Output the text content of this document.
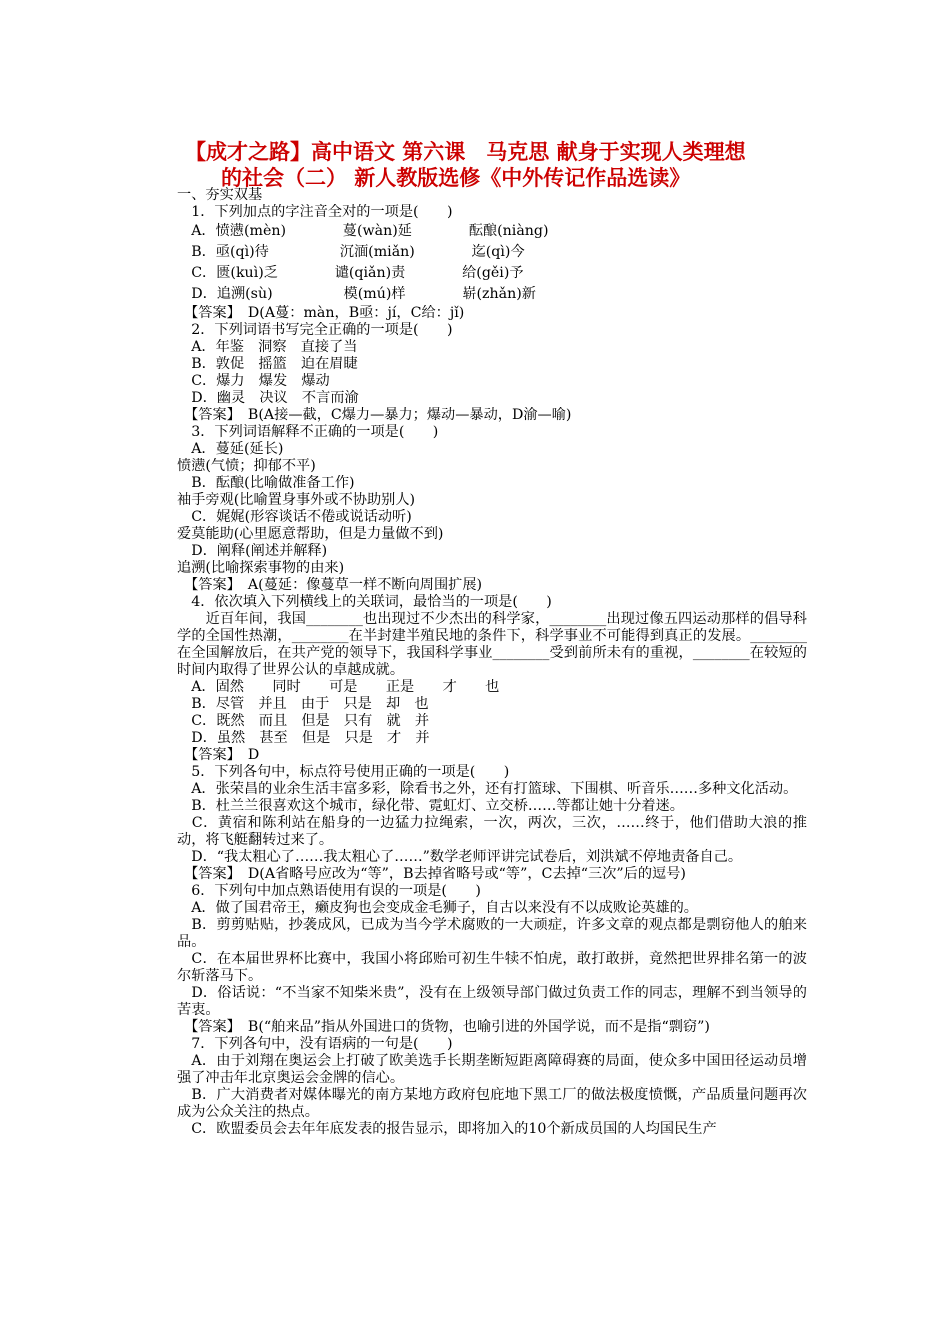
【成才之路】高中语文 第六课　马克思 献身于实现人类理想
的社会（二） 新人教版选修《中外传记作品选读》
一、夯实双基
　1．下列加点的字注音全对的一项是(　　)
　A．愤懑(mèn)　　　　蔓(wàn)延　　　　酝酿(niàng)
　B．亟(qì)待　　　　　沉湎(miǎn)　　　　迄(qì)今
　C．匮(kuì)乏　　　　谴(qiǎn)责　　　　给(gěi)予
　D．追溯(sù)　　　　　模(mú)样　　　　崭(zhǎn)新
　【答案】　D(A蔓：màn，B亟：jí，C给：jǐ)
　2．下列词语书写完全正确的一项是(　　)
　A．年鉴　洞察　直接了当
　B．敦促　摇篮　迫在眉睫
　C．爆力　爆发　爆动
　D．幽灵　决议　不言而渝
　【答案】　B(A接—截，C爆力—暴力；爆动—暴动，D渝—喻)
　3．下列词语解释不正确的一项是(　　)
　A．蔓延(延长)
愤懑(气愤；抑郁不平)
　B．酝酿(比喻做准备工作)
袖手旁观(比喻置身事外或不协助别人)
　C．娓娓(形容谈话不倦或说话动听)
爱莫能助(心里愿意帮助，但是力量做不到)
　D．阐释(阐述并解释)
追溯(比喻探索事物的由来)
　【答案】　A(蔓延：像蔓草一样不断向周围扩展)
　4．依次填入下列横线上的关联词，最恰当的一项是(　　)
　　近百年间，我国________也出现过不少杰出的科学家，________出现过像五四运动那样的倡导科学的全国性热潮，________在半封建半殖民地的条件下，科学事业不可能得到真正的发展。________在全国解放后，在共产党的领导下，我国科学事业________受到前所未有的重视，________在较短的时间内取得了世界公认的卓越成就。
　A．固然　　同时　　可是　　正是　　才　　也
　B．尽管　并且　由于　只是　却　也
　C．既然　而且　但是　只有　就　并
　D．虽然　甚至　但是　只是　才　并
　【答案】　D
　5．下列各句中，标点符号使用正确的一项是(　　)
　A．张荣昌的业余生活丰富多彩，除看书之外，还有打篮球、下围棋、听音乐……多种文化活动。
　B．杜兰兰很喜欢这个城市，绿化带、霓虹灯、立交桥……等都让她十分着迷。
　C．黄宿和陈利站在船身的一边猛力拉绳索，一次，两次，三次，……终于，他们借助大浪的推动，将飞艇翻转过来了。
　D．“我太粗心了……我太粗心了……”数学老师评讲完试卷后，刘洪斌不停地责备自己。
　【答案】　D(A省略号应改为“等”，B去掉省略号或“等”，C去掉“三次”后的逗号)
　6．下列句中加点熟语使用有误的一项是(　　)
　A．做了国君帝王，癞皮狗也会变成金毛狮子，自古以来没有不以成败论英雄的。
　B．剪剪贴贴，抄袭成风，已成为当今学术腐败的一大顽症，许多文章的观点都是剽窃他人的舶来品。
　C．在本届世界杯比赛中，我国小将邱贻可初生牛犊不怕虎，敢打敢拼，竟然把世界排名第一的波尔斩落马下。
　D．俗话说：“不当家不知柴米贵”，没有在上级领导部门做过负责工作的同志，理解不到当领导的苦衷。
　【答案】　B(“舶来品”指从外国进口的货物，也喻引进的外国学说，而不是指“剽窃”)
　7．下列各句中，没有语病的一句是(　　)
　A．由于刘翔在奥运会上打破了欧美选手长期垄断短距离障碍赛的局面，使众多中国田径运动员增强了冲击年北京奥运会金牌的信心。
　B．广大消费者对媒体曝光的南方某地方政府包庇地下黑工厂的做法极度愤慨，产品质量问题再次成为公众关注的热点。
　C．欧盟委员会去年年底发表的报告显示，即将加入的10个新成员国的人均国民生产
